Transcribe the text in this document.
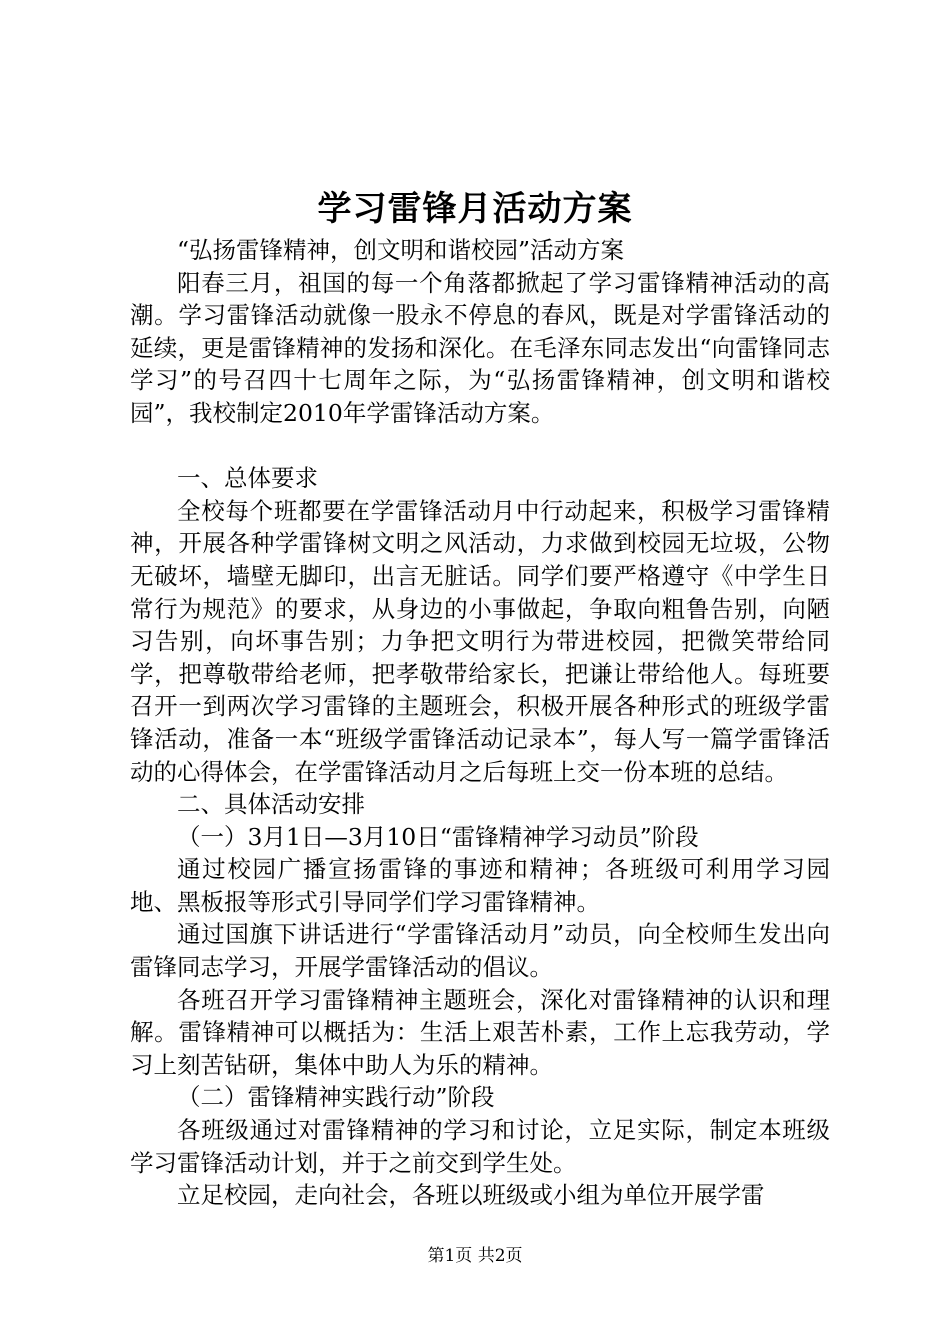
学习雷锋月活动方案

“弘扬雷锋精神，创文明和谐校园”活动方案

阳春三月，祖国的每一个角落都掀起了学习雷锋精神活动的高潮。学习雷锋活动就像一股永不停息的春风，既是对学雷锋活动的延续，更是雷锋精神的发扬和深化。在毛泽东同志发出“向雷锋同志学习”的号召四十七周年之际，为“弘扬雷锋精神，创文明和谐校园”，我校制定2010年学雷锋活动方案。

一、总体要求

全校每个班都要在学雷锋活动月中行动起来，积极学习雷锋精神，开展各种学雷锋树文明之风活动，力求做到校园无垃圾，公物无破坏，墙壁无脚印，出言无脏话。同学们要严格遵守《中学生日常行为规范》的要求，从身边的小事做起，争取向粗鲁告别，向陋习告别，向坏事告别；力争把文明行为带进校园，把微笑带给同学，把尊敬带给老师，把孝敬带给家长，把谦让带给他人。每班要召开一到两次学习雷锋的主题班会，积极开展各种形式的班级学雷锋活动，准备一本“班级学雷锋活动记录本”，每人写一篇学雷锋活动的心得体会，在学雷锋活动月之后每班上交一份本班的总结。

二、具体活动安排

（一）3月1日—3月10日“雷锋精神学习动员”阶段

通过校园广播宣扬雷锋的事迹和精神；各班级可利用学习园地、黑板报等形式引导同学们学习雷锋精神。

通过国旗下讲话进行“学雷锋活动月”动员，向全校师生发出向雷锋同志学习，开展学雷锋活动的倡议。

各班召开学习雷锋精神主题班会，深化对雷锋精神的认识和理解。雷锋精神可以概括为：生活上艰苦朴素，工作上忘我劳动，学习上刻苦钻研，集体中助人为乐的精神。

（二）雷锋精神实践行动”阶段

各班级通过对雷锋精神的学习和讨论，立足实际，制定本班级学习雷锋活动计划，并于之前交到学生处。

立足校园，走向社会，各班以班级或小组为单位开展学雷

第1页 共2页
